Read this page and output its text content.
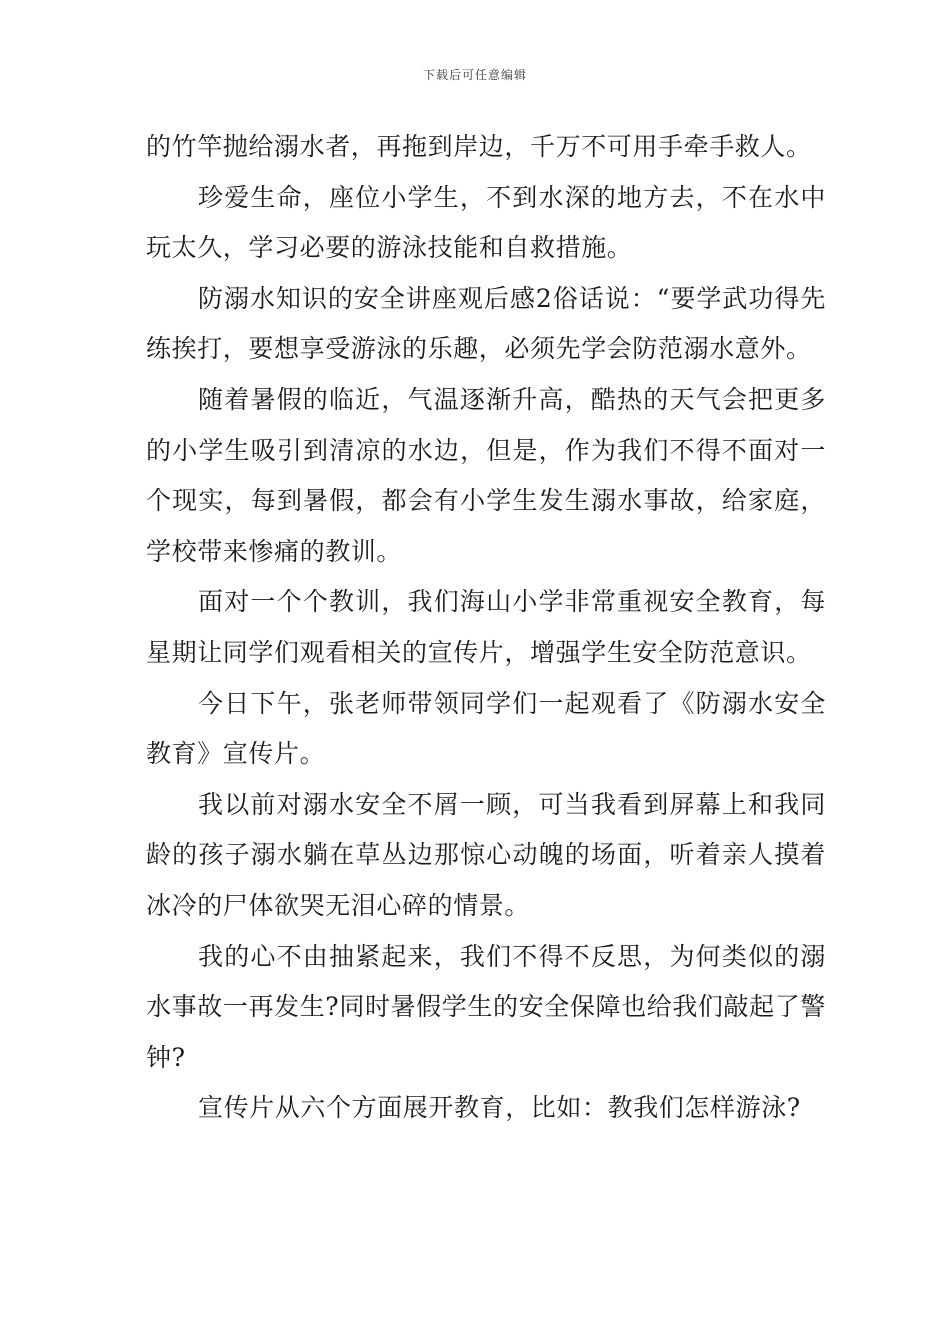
下载后可任意编辑

的竹竿抛给溺水者，再拖到岸边，千万不可用手牵手救人。

珍爱生命，座位小学生，不到水深的地方去，不在水中玩太久，学习必要的游泳技能和自救措施。

防溺水知识的安全讲座观后感2俗话说：“要学武功得先练挨打，要想享受游泳的乐趣，必须先学会防范溺水意外。

随着暑假的临近，气温逐渐升高，酷热的天气会把更多的小学生吸引到清凉的水边，但是，作为我们不得不面对一个现实，每到暑假，都会有小学生发生溺水事故，给家庭，学校带来惨痛的教训。

面对一个个教训，我们海山小学非常重视安全教育，每星期让同学们观看相关的宣传片，增强学生安全防范意识。

今日下午，张老师带领同学们一起观看了《防溺水安全教育》宣传片。

我以前对溺水安全不屑一顾，可当我看到屏幕上和我同龄的孩子溺水躺在草丛边那惊心动魄的场面，听着亲人摸着冰冷的尸体欲哭无泪心碎的情景。

我的心不由抽紧起来，我们不得不反思，为何类似的溺水事故一再发生?同时暑假学生的安全保障也给我们敲起了警钟?

宣传片从六个方面展开教育，比如：教我们怎样游泳?
